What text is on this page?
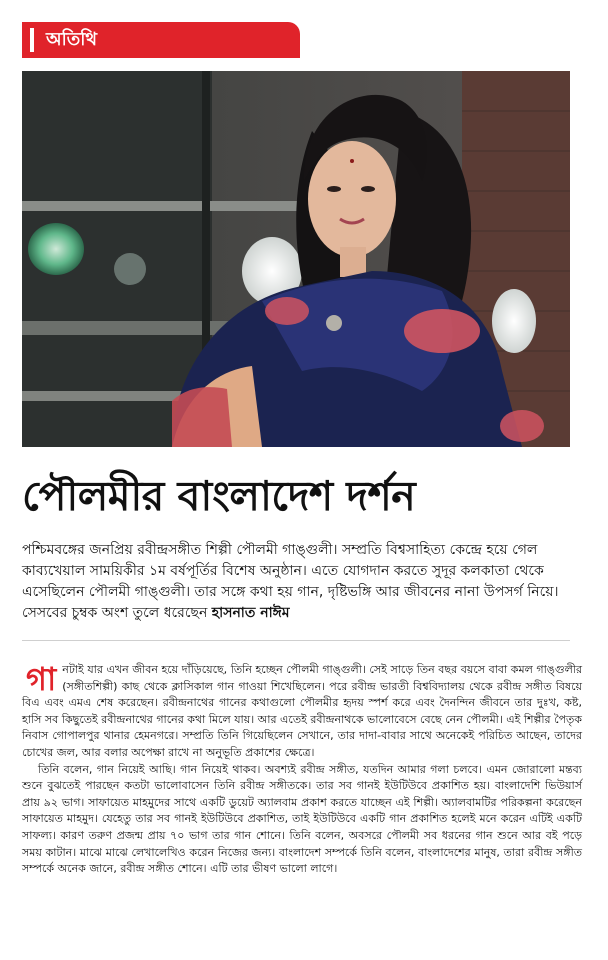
অতিথি
পৌলমীর বাংলাদেশ দর্শন
পশ্চিমবঙ্গের জনপ্রিয় রবীন্দ্রসঙ্গীত শিল্পী পৌলমী গাঙ্গুলী। সম্প্রতি বিশ্বসাহিত্য কেন্দ্রে হয়ে গেল কাব্যখেয়াল সাময়িকীর ১ম বর্ষপূর্তির বিশেষ অনুষ্ঠান। এতে যোগদান করতে সুদূর কলকাতা থেকে এসেছিলেন পৌলমী গাঙ্গুলী। তার সঙ্গে কথা হয় গান, দৃষ্টিভঙ্গি আর জীবনের নানা উপসর্গ নিয়ে। সেসবের চুম্বক অংশ তুলে ধরেছেন হাসনাত নাঈম

গানটাই যার এখন জীবন হয়ে দাঁড়িয়েছে, তিনি হচ্ছেন পৌলমী গাঙ্গুলী। সেই সাড়ে তিন বছর বয়সে বাবা কমল গাঙ্গুলীর (সঙ্গীতশিল্পী) কাছ থেকে ক্লাসিকাল গান গাওয়া শিখেছিলেন। পরে রবীন্দ্র ভারতী বিশ্ববিদ্যালয় থেকে রবীন্দ্র সঙ্গীত বিষয়ে বিএ এবং এমএ শেষ করেছেন। রবীন্দ্রনাথের গানের কথাগুলো পৌলমীর হৃদয় স্পর্শ করে এবং দৈনন্দিন জীবনে তার দুঃখ, কষ্ট, হাসি সব কিছুতেই রবীন্দ্রনাথের গানের কথা মিলে যায়। আর এতেই রবীন্দ্রনাথকে ভালোবেসে বেছে নেন পৌলমী। এই শিল্পীর পৈতৃক নিবাস গোপালপুর থানার হেমনগরে। সম্প্রতি তিনি গিয়েছিলেন সেখানে, তার দাদা-বাবার সাথে অনেকেই পরিচিত আছেন, তাদের চোখের জল, আর বলার অপেক্ষা রাখে না অনুভূতি প্রকাশের ক্ষেত্রে।

তিনি বলেন, গান নিয়েই আছি। গান নিয়েই থাকব। অবশ্যই রবীন্দ্র সঙ্গীত, যতদিন আমার গলা চলবে। এমন জোরালো মন্তব্য শুনে বুঝতেই পারছেন কতটা ভালোবাসেন তিনি রবীন্দ্র সঙ্গীতকে। তার সব গানই ইউটিউবে প্রকাশিত হয়। বাংলাদেশি ভিউয়ার্স প্রায় ৯২ ভাগ। সাফায়েত মাহমুদের সাথে একটি ডুয়েট অ্যালবাম প্রকাশ করতে যাচ্ছেন এই শিল্পী। অ্যালবামটির পরিকল্পনা করেছেন সাফায়েত মাহমুদ। যেহেতু তার সব গানই ইউটিউবে প্রকাশিত, তাই ইউটিউবে একটি গান প্রকাশিত হলেই মনে করেন এটিই একটি সাফল্য। কারণ তরুণ প্রজন্ম প্রায় ৭০ ভাগ তার গান শোনে। তিনি বলেন, অবসরে পৌলমী সব ধরনের গান শুনে আর বই পড়ে সময় কাটান। মাঝে মাঝে লেখালেখিও করেন নিজের জন্য। বাংলাদেশ সম্পর্কে তিনি বলেন, বাংলাদেশের মানুষ, তারা রবীন্দ্র সঙ্গীত সম্পর্কে অনেক জানে, রবীন্দ্র সঙ্গীত শোনে। এটি তার ভীষণ ভালো লাগে।
